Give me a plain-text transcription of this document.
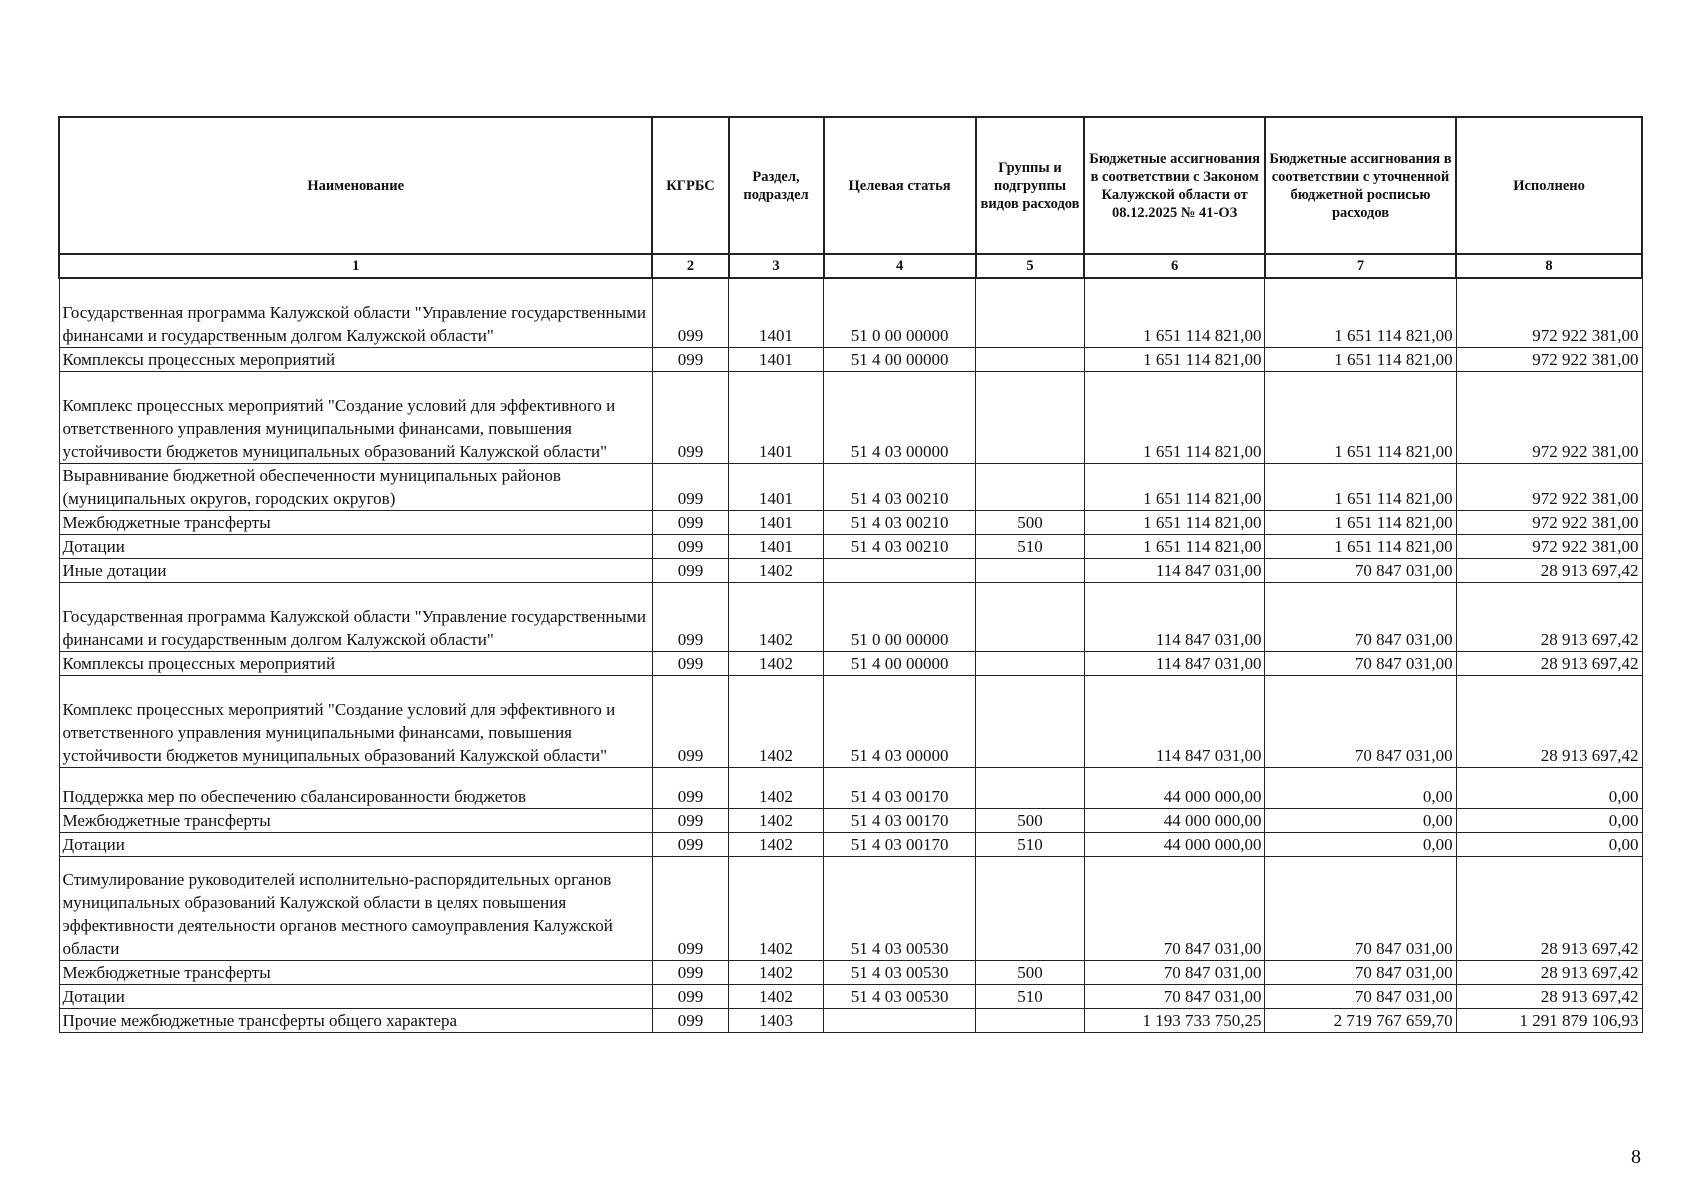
Наименование	КГРБС	Раздел, подраздел	Целевая статья	Группы и подгруппы видов расходов	Бюджетные ассигнования в соответствии с Законом Калужской области от 08.12.2025 № 41-ОЗ	Бюджетные ассигнования в соответствии с уточненной бюджетной росписью расходов	Исполнено
1	2	3	4	5	6	7	8
Государственная программа Калужской области "Управление государственными финансами и государственным долгом Калужской области"	099	1401	51 0 00 00000		1 651 114 821,00	1 651 114 821,00	972 922 381,00
Комплексы процессных мероприятий	099	1401	51 4 00 00000		1 651 114 821,00	1 651 114 821,00	972 922 381,00
Комплекс процессных мероприятий "Создание условий для эффективного и ответственного управления муниципальными финансами, повышения устойчивости бюджетов муниципальных образований Калужской области"	099	1401	51 4 03 00000		1 651 114 821,00	1 651 114 821,00	972 922 381,00
Выравнивание бюджетной обеспеченности муниципальных районов (муниципальных округов, городских округов)	099	1401	51 4 03 00210		1 651 114 821,00	1 651 114 821,00	972 922 381,00
Межбюджетные трансферты	099	1401	51 4 03 00210	500	1 651 114 821,00	1 651 114 821,00	972 922 381,00
Дотации	099	1401	51 4 03 00210	510	1 651 114 821,00	1 651 114 821,00	972 922 381,00
Иные дотации	099	1402			114 847 031,00	70 847 031,00	28 913 697,42
Государственная программа Калужской области "Управление государственными финансами и государственным долгом Калужской области"	099	1402	51 0 00 00000		114 847 031,00	70 847 031,00	28 913 697,42
Комплексы процессных мероприятий	099	1402	51 4 00 00000		114 847 031,00	70 847 031,00	28 913 697,42
Комплекс процессных мероприятий "Создание условий для эффективного и ответственного управления муниципальными финансами, повышения устойчивости бюджетов муниципальных образований Калужской области"	099	1402	51 4 03 00000		114 847 031,00	70 847 031,00	28 913 697,42
Поддержка мер по обеспечению сбалансированности бюджетов	099	1402	51 4 03 00170		44 000 000,00	0,00	0,00
Межбюджетные трансферты	099	1402	51 4 03 00170	500	44 000 000,00	0,00	0,00
Дотации	099	1402	51 4 03 00170	510	44 000 000,00	0,00	0,00
Стимулирование руководителей исполнительно-распорядительных органов муниципальных образований Калужской области в целях повышения эффективности деятельности органов местного самоуправления Калужской области	099	1402	51 4 03 00530		70 847 031,00	70 847 031,00	28 913 697,42
Межбюджетные трансферты	099	1402	51 4 03 00530	500	70 847 031,00	70 847 031,00	28 913 697,42
Дотации	099	1402	51 4 03 00530	510	70 847 031,00	70 847 031,00	28 913 697,42
Прочие межбюджетные трансферты общего характера	099	1403			1 193 733 750,25	2 719 767 659,70	1 291 879 106,93
8
